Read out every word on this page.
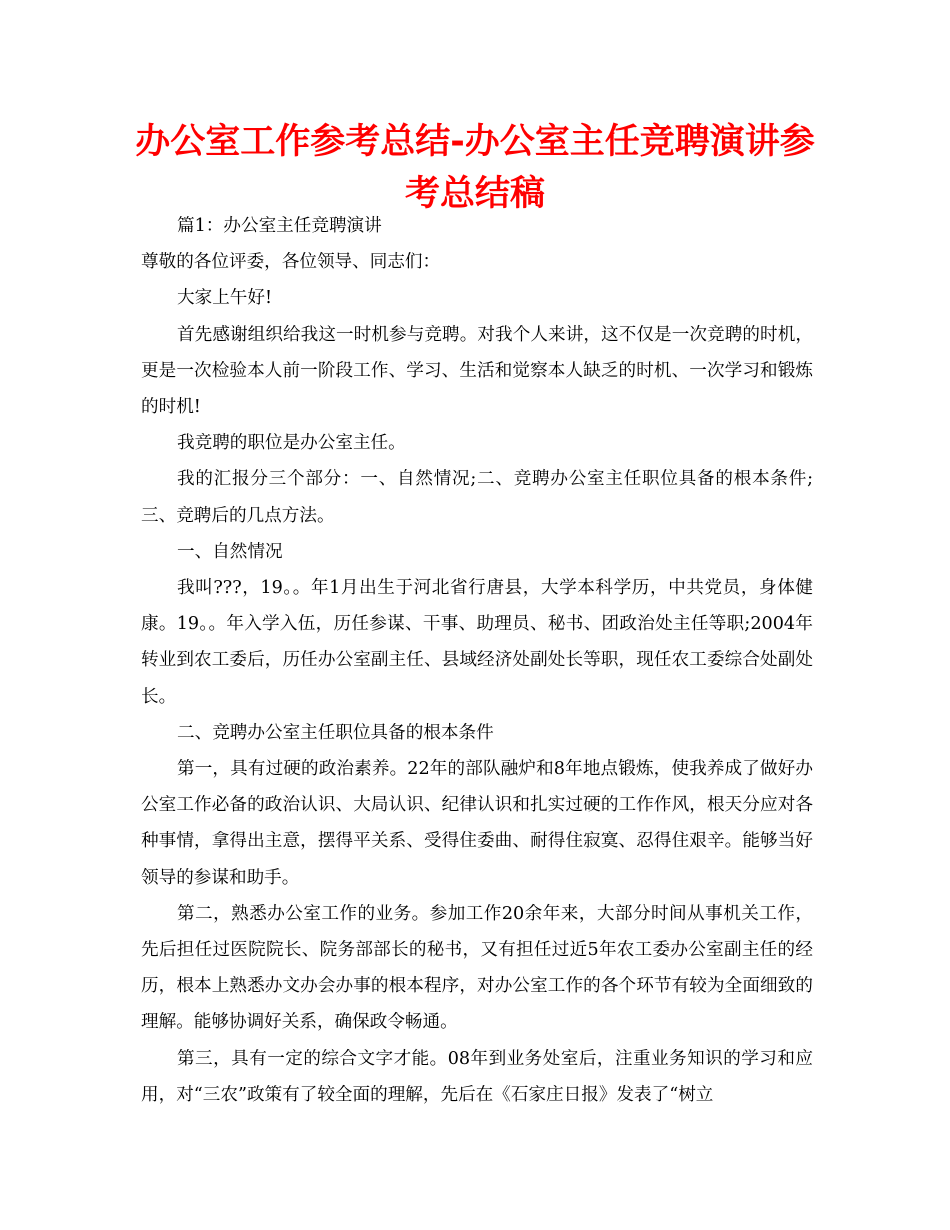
办公室工作参考总结-办公室主任竞聘演讲参考总结稿

篇1：办公室主任竞聘演讲

尊敬的各位评委，各位领导、同志们：

大家上午好!

首先感谢组织给我这一时机参与竞聘。对我个人来讲，这不仅是一次竞聘的时机，更是一次检验本人前一阶段工作、学习、生活和觉察本人缺乏的时机、一次学习和锻炼的时机!

我竞聘的职位是办公室主任。

我的汇报分三个部分：一、自然情况;二、竞聘办公室主任职位具备的根本条件;三、竞聘后的几点方法。

一、自然情况

我叫???，19。。年1月出生于河北省行唐县，大学本科学历，中共党员，身体健康。19。。年入学入伍，历任参谋、干事、助理员、秘书、团政治处主任等职;2004年转业到农工委后，历任办公室副主任、县域经济处副处长等职，现任农工委综合处副处长。

二、竞聘办公室主任职位具备的根本条件

第一，具有过硬的政治素养。22年的部队融炉和8年地点锻炼，使我养成了做好办公室工作必备的政治认识、大局认识、纪律认识和扎实过硬的工作作风，根天分应对各种事情，拿得出主意，摆得平关系、受得住委曲、耐得住寂寞、忍得住艰辛。能够当好领导的参谋和助手。

第二，熟悉办公室工作的业务。参加工作20余年来，大部分时间从事机关工作，先后担任过医院院长、院务部部长的秘书，又有担任过近5年农工委办公室副主任的经历，根本上熟悉办文办会办事的根本程序，对办公室工作的各个环节有较为全面细致的理解。能够协调好关系，确保政令畅通。

第三，具有一定的综合文字才能。08年到业务处室后，注重业务知识的学习和应用，对“三农”政策有了较全面的理解，先后在《石家庄日报》发表了“树立
